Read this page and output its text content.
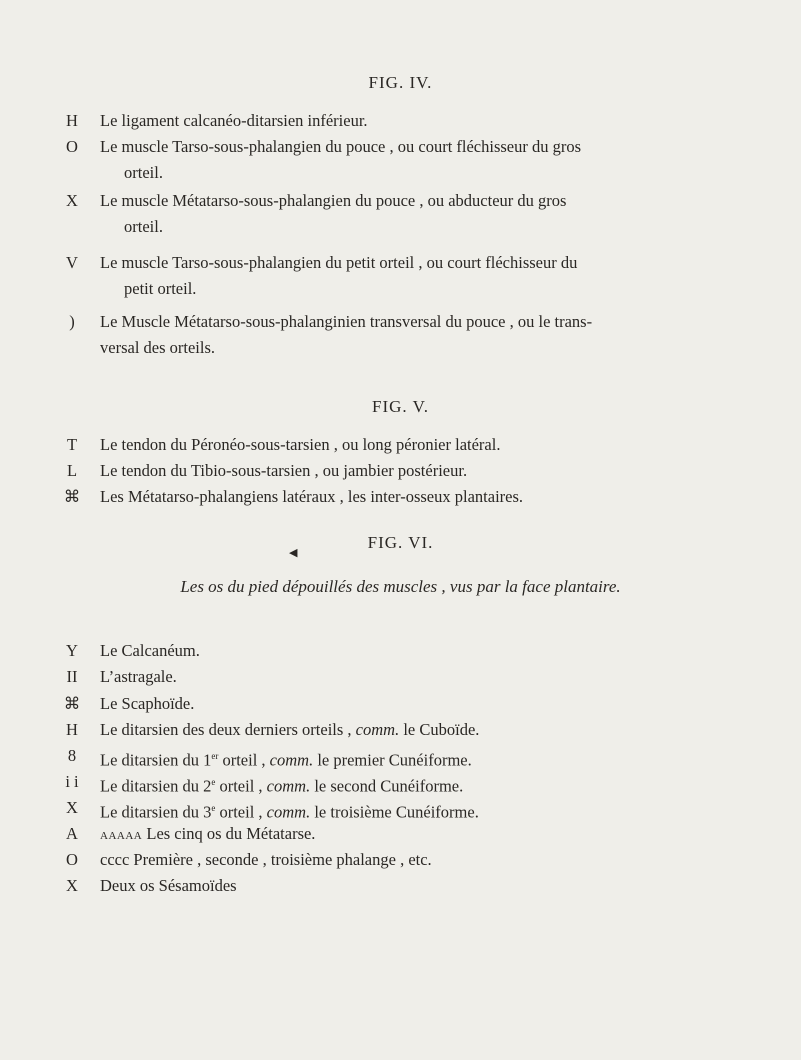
FIG. IV.
H	Le ligament calcanéo-ditarsien inférieur.
O	Le muscle Tarso-sous-phalangien du pouce , ou court fléchisseur du gros
orteil.
X	Le muscle Métatarso-sous-phalangien du pouce , ou abducteur du gros
orteil.
V	Le muscle Tarso-sous-phalangien du petit orteil , ou court fléchisseur du
petit orteil.
)	Le Muscle Métatarso-sous-phalanginien transversal du pouce , ou le trans-
versal des orteils.
FIG. V.
T	Le tendon du Péronéo-sous-tarsien , ou long péronier latéral.
L	Le tendon du Tibio-sous-tarsien , ou jambier postérieur.
⌘ Les Métatarso-phalangiens latéraux , les inter-osseux plantaires.
FIG. VI.
◀
Les os du pied dépouillés des muscles , vus par la face plantaire.
Y	Le Calcanéum.
II	L’astragale.
⌘ Le Scaphoïde.
H	Le ditarsien des deux derniers orteils , comm. le Cuboïde.
8	Le ditarsien du 1er orteil , comm. le premier Cunéiforme.
i i	Le ditarsien du 2e orteil , comm. le second Cunéiforme.
X	Le ditarsien du 3e orteil , comm. le troisième Cunéiforme.
A	AAAAA Les cinq os du Métatarse.
O	cccc Première , seconde , troisième phalange , etc.
X	Deux os Sésamoïdes
